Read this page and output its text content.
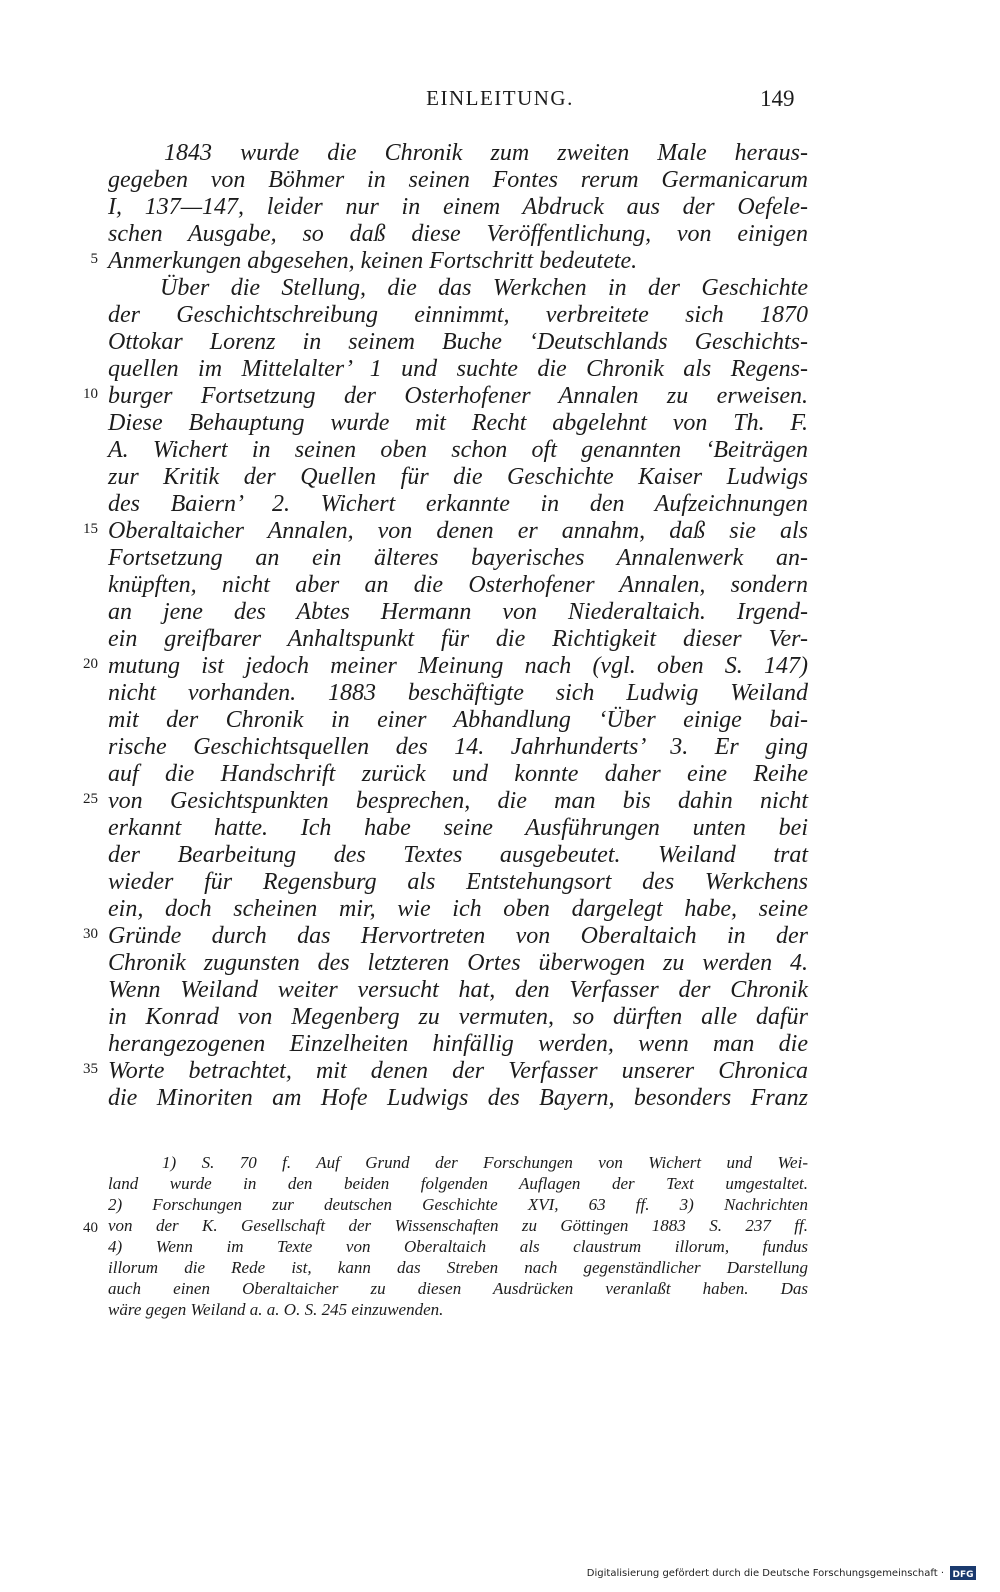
EINLEITUNG.	149
5
10
15
20
25
30
35
40
1843 wurde die Chronik zum zweiten Male heraus-
gegeben von Böhmer in seinen Fontes rerum Germanicarum
I, 137—147, leider nur in einem Abdruck aus der Oefele-
schen Ausgabe, so daß diese Veröffentlichung, von einigen
Anmerkungen abgesehen, keinen Fortschritt bedeutete.
Über die Stellung, die das Werkchen in der Geschichte
der Geschichtschreibung einnimmt, verbreitete sich 1870
Ottokar Lorenz in seinem Buche ‘Deutschlands Geschichts-
quellen im Mittelalter’ 1 und suchte die Chronik als Regens-
burger Fortsetzung der Osterhofener Annalen zu erweisen.
Diese Behauptung wurde mit Recht abgelehnt von Th. F.
A. Wichert in seinen oben schon oft genannten ‘Beiträgen
zur Kritik der Quellen für die Geschichte Kaiser Ludwigs
des Baiern’ 2. Wichert erkannte in den Aufzeichnungen
Oberaltaicher Annalen, von denen er annahm, daß sie als
Fortsetzung an ein älteres bayerisches Annalenwerk an-
knüpften, nicht aber an die Osterhofener Annalen, sondern
an jene des Abtes Hermann von Niederaltaich. Irgend-
ein greifbarer Anhaltspunkt für die Richtigkeit dieser Ver-
mutung ist jedoch meiner Meinung nach (vgl. oben S. 147)
nicht vorhanden. 1883 beschäftigte sich Ludwig Weiland
mit der Chronik in einer Abhandlung ‘Über einige bai-
rische Geschichtsquellen des 14. Jahrhunderts’ 3. Er ging
auf die Handschrift zurück und konnte daher eine Reihe
von Gesichtspunkten besprechen, die man bis dahin nicht
erkannt hatte. Ich habe seine Ausführungen unten bei
der Bearbeitung des Textes ausgebeutet. Weiland trat
wieder für Regensburg als Entstehungsort des Werkchens
ein, doch scheinen mir, wie ich oben dargelegt habe, seine
Gründe durch das Hervortreten von Oberaltaich in der
Chronik zugunsten des letzteren Ortes überwogen zu werden 4.
Wenn Weiland weiter versucht hat, den Verfasser der Chronik
in Konrad von Megenberg zu vermuten, so dürften alle dafür
herangezogenen Einzelheiten hinfällig werden, wenn man die
Worte betrachtet, mit denen der Verfasser unserer Chronica
die Minoriten am Hofe Ludwigs des Bayern, besonders Franz
1) S. 70 f. Auf Grund der Forschungen von Wichert und Wei-
land wurde in den beiden folgenden Auflagen der Text umgestaltet.
2) Forschungen zur deutschen Geschichte XVI, 63 ff. 3) Nachrichten
von der K. Gesellschaft der Wissenschaften zu Göttingen 1883 S. 237 ff.
4) Wenn im Texte von Oberaltaich als claustrum illorum, fundus
illorum die Rede ist, kann das Streben nach gegenständlicher Darstellung
auch einen Oberaltaicher zu diesen Ausdrücken veranlaßt haben. Das
wäre gegen Weiland a. a. O. S. 245 einzuwenden.
Digitalisierung gefördert durch die Deutsche Forschungsgemeinschaft · DFG
